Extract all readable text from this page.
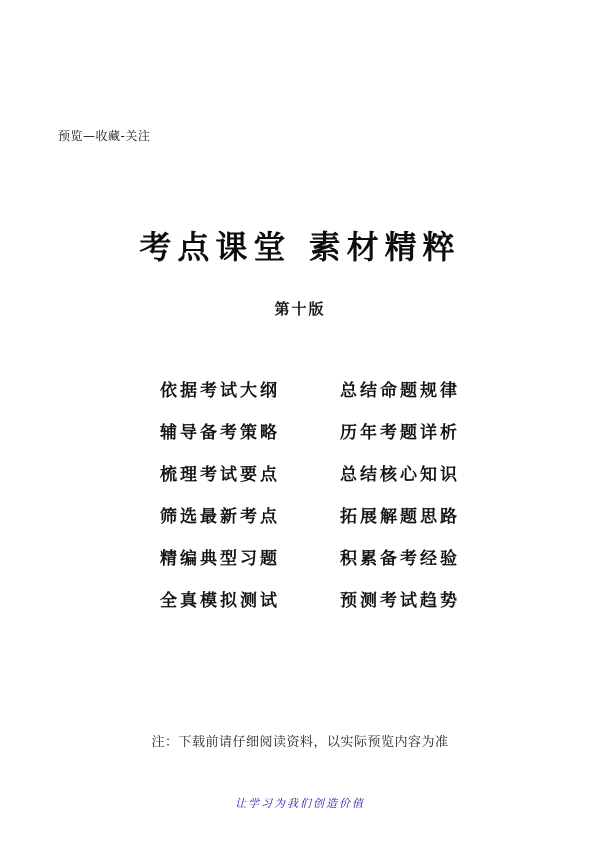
预览—收藏-关注
考点课堂 素材精粹
第十版
依据考试大纲	总结命题规律
辅导备考策略	历年考题详析
梳理考试要点	总结核心知识
筛选最新考点	拓展解题思路
精编典型习题	积累备考经验
全真模拟测试	预测考试趋势
注：下载前请仔细阅读资料，以实际预览内容为准
让学习为我们创造价值
